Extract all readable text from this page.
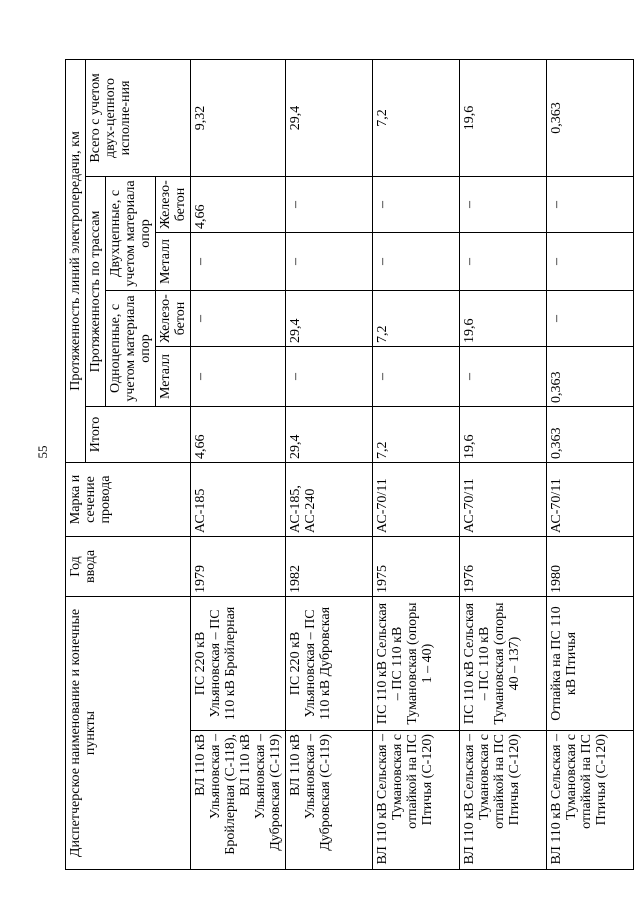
55
Диспетчерское наименование и конечные пункты		Год ввода	Марка и сечение провода	Протяженность линий электропередачи, км					
				Итого	Протяженность по трассам				Всего с учетом двух-цепного исполне-ния
					Одноцепные, с учетом материала опор		Двухцепные, с учетом материала опор		
					Металл	Железо-бетон	Металл	Железо-бетон	
ВЛ 110 кВ Ульяновская – Бройлерная (С-118), ВЛ 110 кВ Ульяновская – Дубровская (С-119)	ПС 220 кВ Ульяновская – ПС 110 кВ Бройлерная	1979	АС-185	4,66	–	–	–	4,66	9,32
ВЛ 110 кВ Ульяновская – Дубровская (С-119)	ПС 220 кВ Ульяновская – ПС 110 кВ Дубровская	1982	АС-185, АС-240	29,4	–	29,4	–	–	29,4
ВЛ 110 кВ Сельская – Тумановская с отпайкой на ПС Птичья (С-120)	ПС 110 кВ Сельская – ПС 110 кВ Тумановская (опоры 1 – 40)	1975	АС-70/11	7,2	–	7,2	–	–	7,2
ВЛ 110 кВ Сельская – Тумановская с отпайкой на ПС Птичья (С-120)	ПС 110 кВ Сельская – ПС 110 кВ Тумановская (опоры 40 – 137)	1976	АС-70/11	19,6	–	19,6	–	–	19,6
ВЛ 110 кВ Сельская – Тумановская с отпайкой на ПС Птичья (С-120)	Отпайка на ПС 110 кВ Птичья	1980	АС-70/11	0,363	0,363	–	–	–	0,363
